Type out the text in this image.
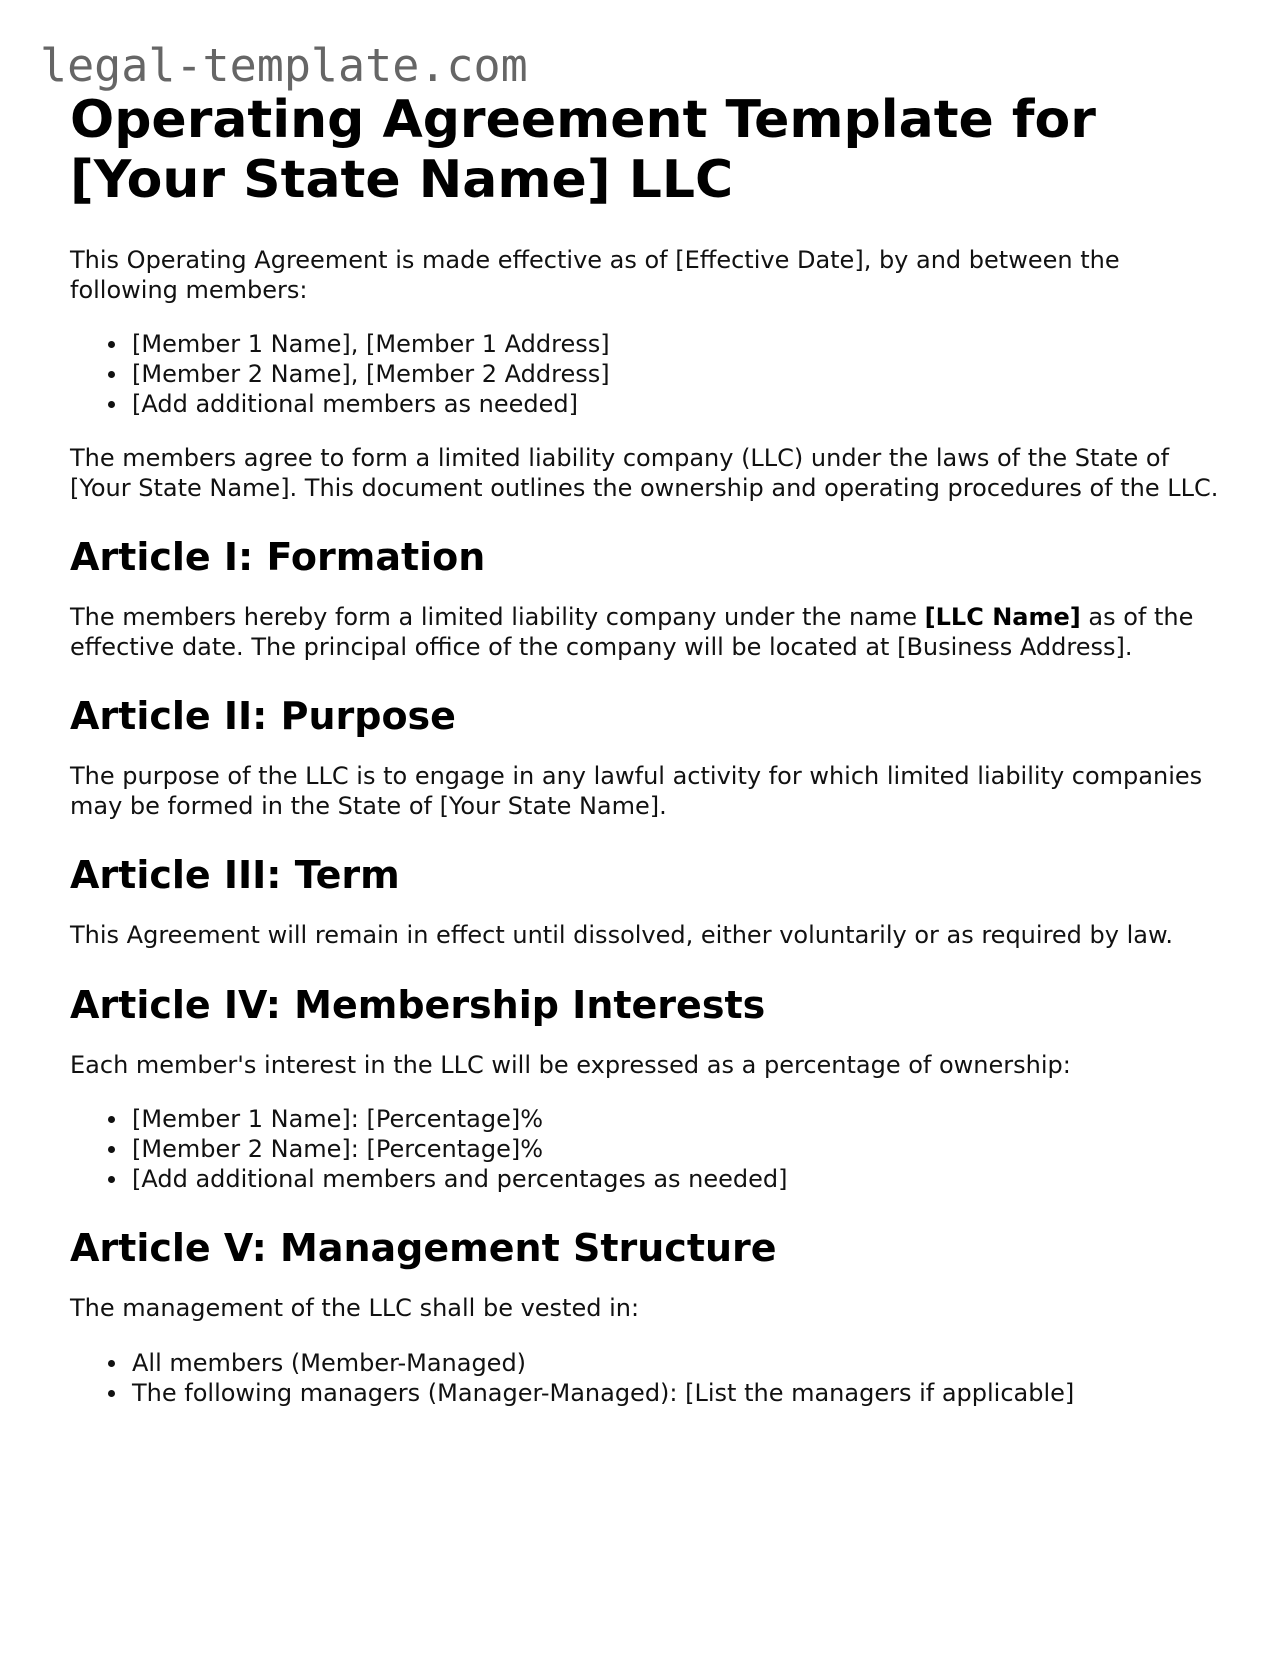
legal-template.com
Operating Agreement Template for [Your State Name] LLC

This Operating Agreement is made effective as of [Effective Date], by and between the following members:

[Member 1 Name], [Member 1 Address]
[Member 2 Name], [Member 2 Address]
[Add additional members as needed]

The members agree to form a limited liability company (LLC) under the laws of the State of [Your State Name]. This document outlines the ownership and operating procedures of the LLC.

Article I: Formation

The members hereby form a limited liability company under the name [LLC Name] as of the effective date. The principal office of the company will be located at [Business Address].

Article II: Purpose

The purpose of the LLC is to engage in any lawful activity for which limited liability companies may be formed in the State of [Your State Name].

Article III: Term

This Agreement will remain in effect until dissolved, either voluntarily or as required by law.

Article IV: Membership Interests

Each member's interest in the LLC will be expressed as a percentage of ownership:

[Member 1 Name]: [Percentage]%
[Member 2 Name]: [Percentage]%
[Add additional members and percentages as needed]
Article V: Management Structure

The management of the LLC shall be vested in:

All members (Member-Managed)
The following managers (Manager-Managed): [List the managers if applicable]
